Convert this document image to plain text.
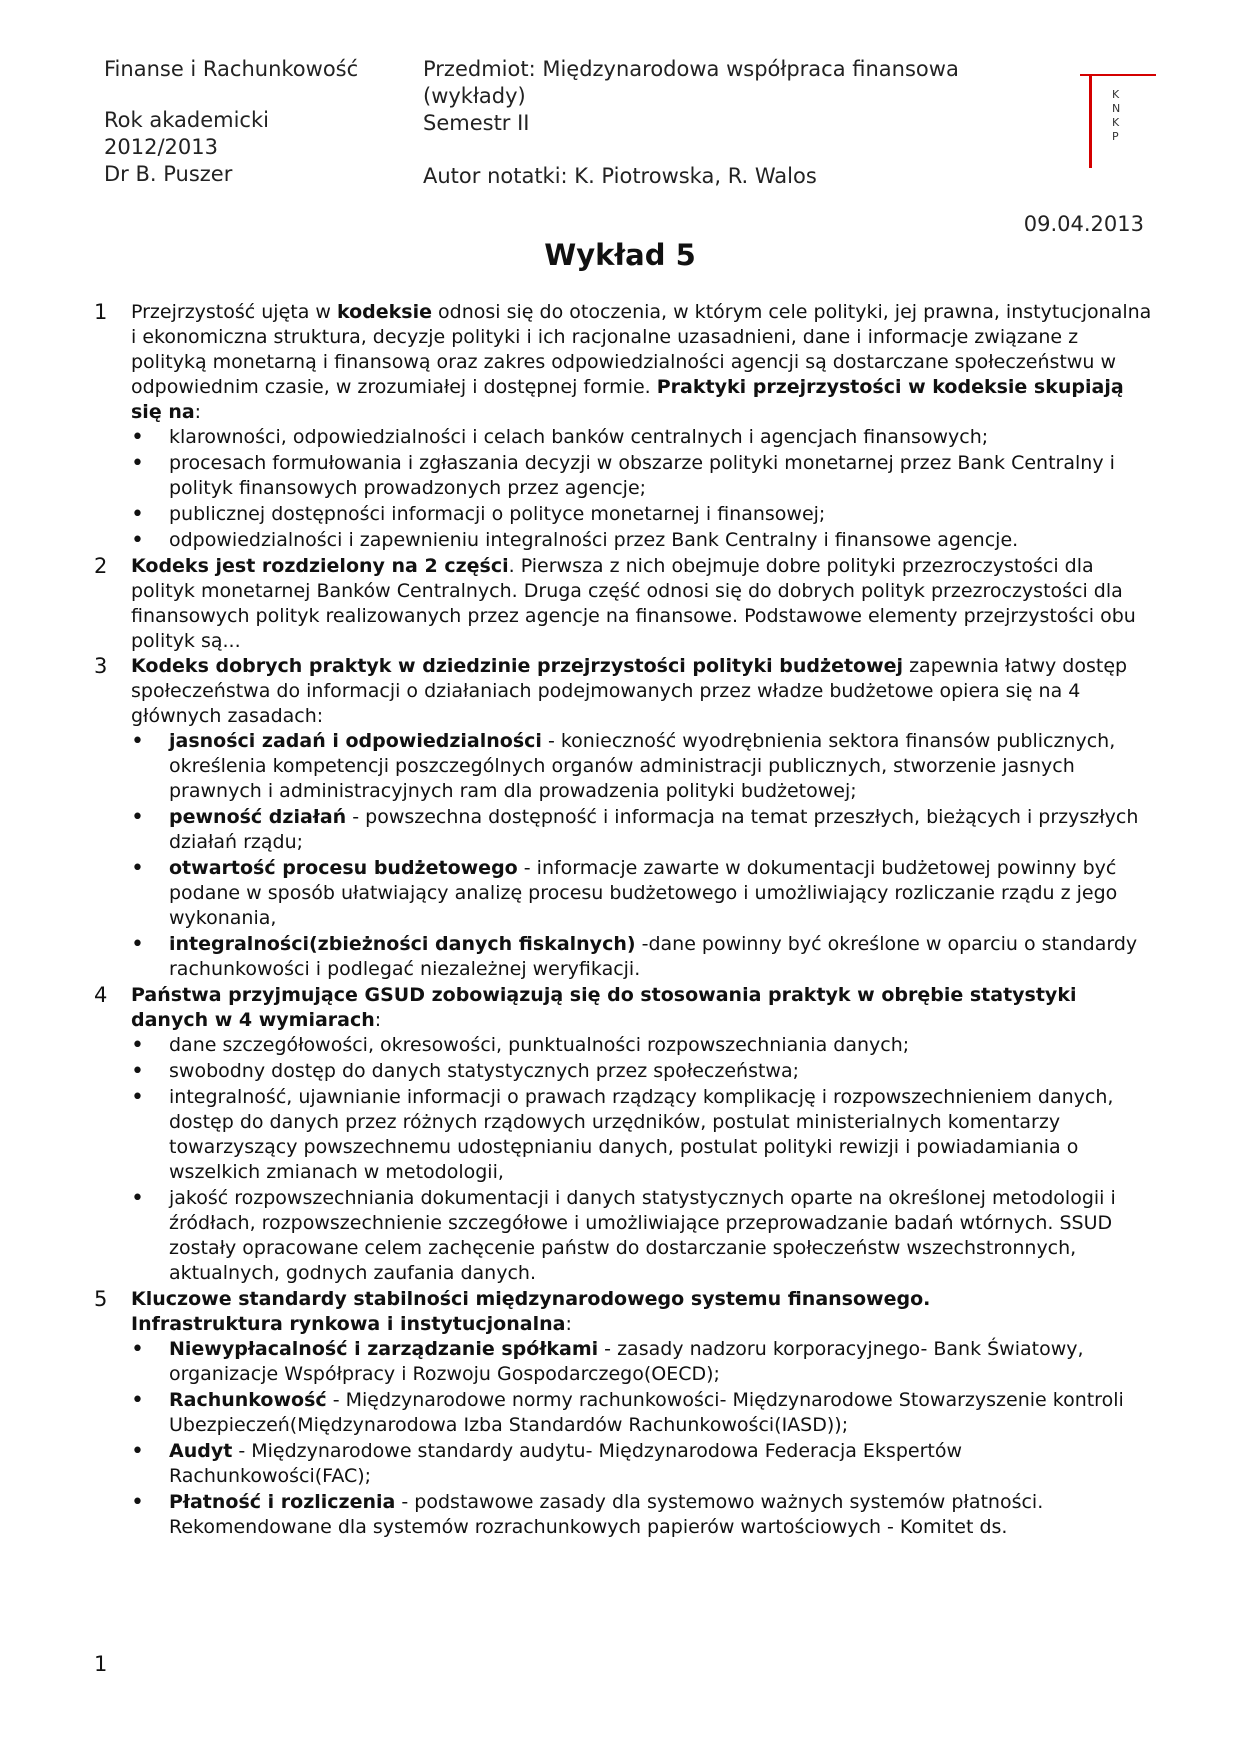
Finanse i Rachunkowość
Rok akademicki
2012/2013
Dr B. Puszer
Przedmiot: Międzynarodowa współpraca finansowa
(wykłady)
Semestr II
Autor notatki: K. Piotrowska, R. Walos
K
N
K
P
09.04.2013
Wykład 5
1	Przejrzystość ujęta w kodeksie odnosi się do otoczenia, w którym cele polityki, jej prawna, instytucjonalna i ekonomiczna struktura, decyzje polityki i ich racjonalne uzasadnieni, dane i informacje związane z polityką monetarną i finansową oraz zakres odpowiedzialności agencji są dostarczane społeczeństwu w odpowiednim czasie, w zrozumiałej i dostępnej formie. Praktyki przejrzystości w kodeksie skupiają się na:

• klarowności, odpowiedzialności i celach banków centralnych i agencjach finansowych;
• procesach formułowania i zgłaszania decyzji w obszarze polityki monetarnej przez Bank Centralny i polityk finansowych prowadzonych przez agencje;
• publicznej dostępności informacji o polityce monetarnej i finansowej;
• odpowiedzialności i zapewnieniu integralności przez Bank Centralny i finansowe agencje.
2	Kodeks jest rozdzielony na 2 części. Pierwsza z nich obejmuje dobre polityki przezroczystości dla polityk monetarnej Banków Centralnych. Druga część odnosi się do dobrych polityk przezroczystości dla finansowych polityk realizowanych przez agencje na finansowe. Podstawowe elementy przejrzystości obu polityk są...

3	Kodeks dobrych praktyk w dziedzinie przejrzystości polityki budżetowej zapewnia łatwy dostęp społeczeństwa do informacji o działaniach podejmowanych przez władze budżetowe opiera się na 4 głównych zasadach:

• jasności zadań i odpowiedzialności - konieczność wyodrębnienia sektora finansów publicznych, określenia kompetencji poszczególnych organów administracji publicznych, stworzenie jasnych prawnych i administracyjnych ram dla prowadzenia polityki budżetowej;
• pewność działań - powszechna dostępność i informacja na temat przeszłych, bieżących i przyszłych działań rządu;
• otwartość procesu budżetowego - informacje zawarte w dokumentacji budżetowej powinny być podane w sposób ułatwiający analizę procesu budżetowego i umożliwiający rozliczanie rządu z jego wykonania,
• integralności(zbieżności danych fiskalnych) -dane powinny być określone w oparciu o standardy rachunkowości i podlegać niezależnej weryfikacji.
4	Państwa przyjmujące GSUD zobowiązują się do stosowania praktyk w obrębie statystyki danych w 4 wymiarach:

• dane szczegółowości, okresowości, punktualności rozpowszechniania danych;
• swobodny dostęp do danych statystycznych przez społeczeństwa;
• integralność, ujawnianie informacji o prawach rządzący komplikację i rozpowszechnieniem danych, dostęp do danych przez różnych rządowych urzędników, postulat ministerialnych komentarzy towarzyszący powszechnemu udostępnianiu danych, postulat polityki rewizji i powiadamiania o wszelkich zmianach w metodologii,
• jakość rozpowszechniania dokumentacji i danych statystycznych oparte na określonej metodologii i źródłach, rozpowszechnienie szczegółowe i umożliwiające przeprowadzanie badań wtórnych. SSUD zostały opracowane celem zachęcenie państw do dostarczanie społeczeństw wszechstronnych, aktualnych, godnych zaufania danych.
5	Kluczowe standardy stabilności międzynarodowego systemu finansowego.
Infrastruktura rynkowa i instytucjonalna:

• Niewypłacalność i zarządzanie spółkami - zasady nadzoru korporacyjnego- Bank Światowy, organizacje Współpracy i Rozwoju Gospodarczego(OECD);
• Rachunkowość - Międzynarodowe normy rachunkowości- Międzynarodowe Stowarzyszenie kontroli Ubezpieczeń(Międzynarodowa Izba Standardów Rachunkowości(IASD));
• Audyt - Międzynarodowe standardy audytu- Międzynarodowa Federacja Ekspertów Rachunkowości(FAC);
• Płatność i rozliczenia - podstawowe zasady dla systemowo ważnych systemów płatności. Rekomendowane dla systemów rozrachunkowych papierów wartościowych - Komitet ds.
1
